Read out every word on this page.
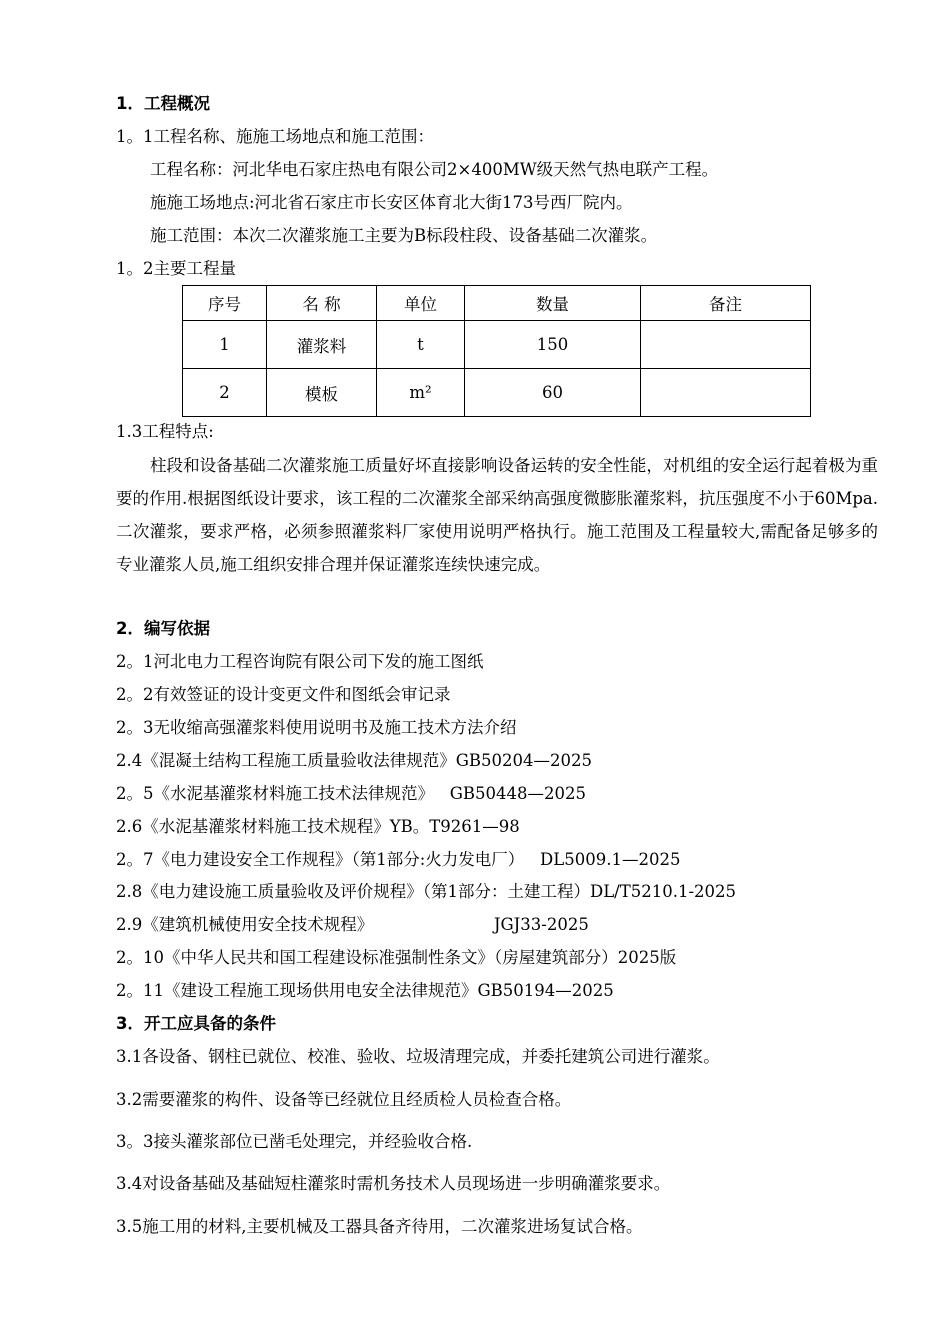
1．工程概况
1。1工程名称、施施工场地点和施工范围：
工程名称：河北华电石家庄热电有限公司2×400MW级天然气热电联产工程。
施施工场地点:河北省石家庄市长安区体育北大街173号西厂院内。
施工范围：本次二次灌浆施工主要为B标段柱段、设备基础二次灌浆。
1。2主要工程量
序号	名 称	单位	数量	备注
1	灌浆料	t	150	
2	模板	m²	60	
1.3工程特点:

柱段和设备基础二次灌浆施工质量好坏直接影响设备运转的安全性能，对机组的安全运行起着极为重要的作用.根据图纸设计要求，该工程的二次灌浆全部采纳高强度微膨胀灌浆料，抗压强度不小于60Mpa.二次灌浆，要求严格，必须参照灌浆料厂家使用说明严格执行。施工范围及工程量较大,需配备足够多的专业灌浆人员,施工组织安排合理并保证灌浆连续快速完成。

2．编写依据
2。1河北电力工程咨询院有限公司下发的施工图纸
2。2有效签证的设计变更文件和图纸会审记录
2。3无收缩高强灌浆料使用说明书及施工技术方法介绍
2.4《混凝土结构工程施工质量验收法律规范》GB50204—2025
2。5《水泥基灌浆材料施工技术法律规范》   GB50448—2025
2.6《水泥基灌浆材料施工技术规程》YB。T9261—98
2。7《电力建设安全工作规程》（第1部分:火力发电厂）   DL5009.1—2025
2.8《电力建设施工质量验收及评价规程》（第1部分：土建工程）DL/T5210.1-2025
2.9《建筑机械使用安全技术规程》                       JGJ33-2025
2。10《中华人民共和国工程建设标准强制性条文》（房屋建筑部分）2025版
2。11《建设工程施工现场供用电安全法律规范》GB50194—2025
3．开工应具备的条件
3.1各设备、钢柱已就位、校准、验收、垃圾清理完成，并委托建筑公司进行灌浆。
3.2需要灌浆的构件、设备等已经就位且经质检人员检查合格。
3。3接头灌浆部位已凿毛处理完，并经验收合格.
3.4对设备基础及基础短柱灌浆时需机务技术人员现场进一步明确灌浆要求。
3.5施工用的材料,主要机械及工器具备齐待用，二次灌浆进场复试合格。
